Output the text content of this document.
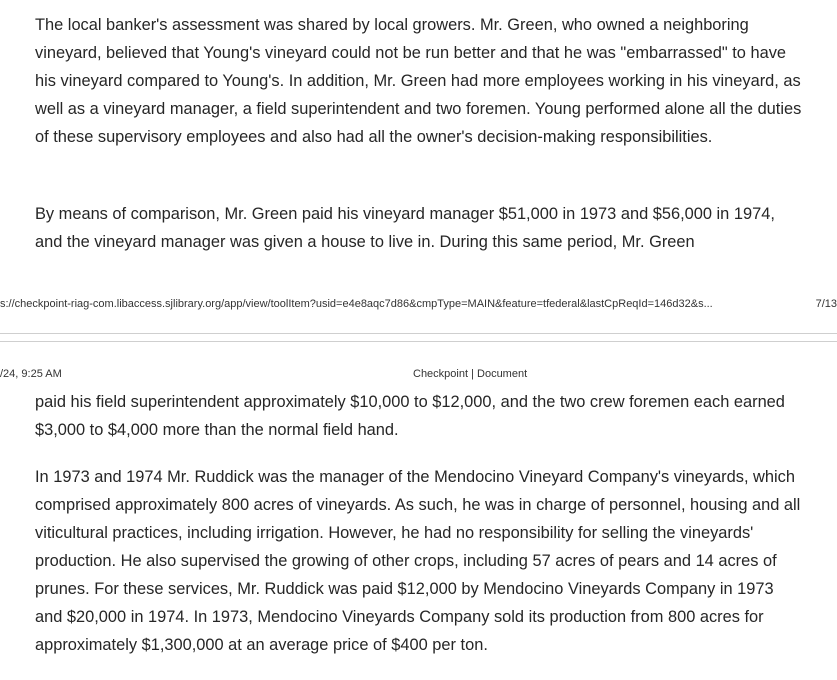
The local banker's assessment was shared by local growers. Mr. Green, who owned a neighboring vineyard, believed that Young's vineyard could not be run better and that he was "embarrassed" to have his vineyard compared to Young's. In addition, Mr. Green had more employees working in his vineyard, as well as a vineyard manager, a field superintendent and two foremen. Young performed alone all the duties of these supervisory employees and also had all the owner's decision-making responsibilities.

By means of comparison, Mr. Green paid his vineyard manager $51,000 in 1973 and $56,000 in 1974, and the vineyard manager was given a house to live in. During this same period, Mr. Green

s://checkpoint-riag-com.libaccess.sjlibrary.org/app/view/toolItem?usid=e4e8aqc7d86&cmpType=MAIN&feature=tfederal&lastCpReqId=146d32&s...	7/13
/24, 9:25 AM	Checkpoint | Document

paid his field superintendent approximately $10,000 to $12,000, and the two crew foremen each earned $3,000 to $4,000 more than the normal field hand.

In 1973 and 1974 Mr. Ruddick was the manager of the Mendocino Vineyard Company's vineyards, which comprised approximately 800 acres of vineyards. As such, he was in charge of personnel, housing and all viticultural practices, including irrigation. However, he had no responsibility for selling the vineyards' production. He also supervised the growing of other crops, including 57 acres of pears and 14 acres of prunes. For these services, Mr. Ruddick was paid $12,000 by Mendocino Vineyards Company in 1973 and $20,000 in 1974. In 1973, Mendocino Vineyards Company sold its production from 800 acres for approximately $1,300,000 at an average price of $400 per ton.
